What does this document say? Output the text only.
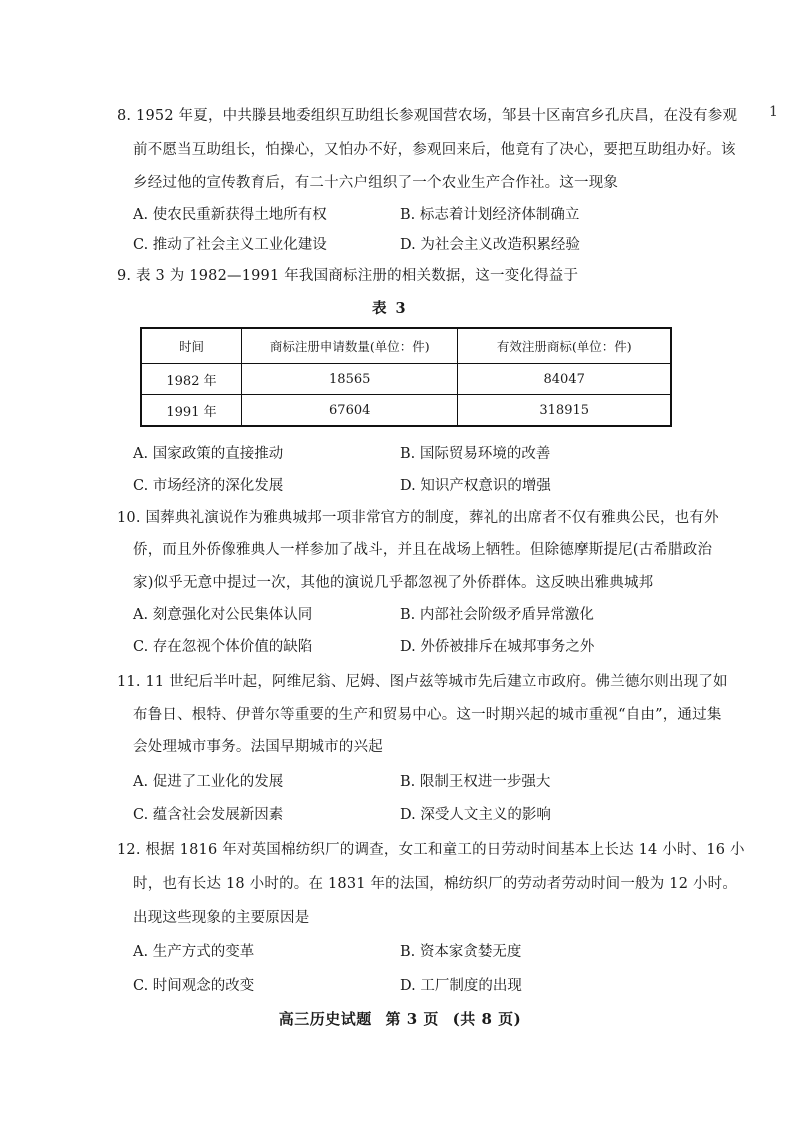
1
8. 1952 年夏，中共滕县地委组织互助组长参观国营农场，邹县十区南宫乡孔庆昌，在没有参观
前不愿当互助组长，怕操心，又怕办不好，参观回来后，他竟有了决心，要把互助组办好。该
乡经过他的宣传教育后，有二十六户组织了一个农业生产合作社。这一现象
A. 使农民重新获得土地所有权	B. 标志着计划经济体制确立
C. 推动了社会主义工业化建设	D. 为社会主义改造积累经验
9. 表 3 为 1982—1991 年我国商标注册的相关数据，这一变化得益于
表 3
时间	商标注册申请数量(单位：件)	有效注册商标(单位：件)
1982 年	18565	84047
1991 年	67604	318915
A. 国家政策的直接推动	B. 国际贸易环境的改善
C. 市场经济的深化发展	D. 知识产权意识的增强
10. 国葬典礼演说作为雅典城邦一项非常官方的制度，葬礼的出席者不仅有雅典公民，也有外
侨，而且外侨像雅典人一样参加了战斗，并且在战场上牺牲。但除德摩斯提尼(古希腊政治
家)似乎无意中提过一次，其他的演说几乎都忽视了外侨群体。这反映出雅典城邦
A. 刻意强化对公民集体认同	B. 内部社会阶级矛盾异常激化
C. 存在忽视个体价值的缺陷	D. 外侨被排斥在城邦事务之外
11. 11 世纪后半叶起，阿维尼翁、尼姆、图卢兹等城市先后建立市政府。佛兰德尔则出现了如
布鲁日、根特、伊普尔等重要的生产和贸易中心。这一时期兴起的城市重视“自由”，通过集
会处理城市事务。法国早期城市的兴起
A. 促进了工业化的发展	B. 限制王权进一步强大
C. 蕴含社会发展新因素	D. 深受人文主义的影响
12. 根据 1816 年对英国棉纺织厂的调查，女工和童工的日劳动时间基本上长达 14 小时、16 小
时，也有长达 18 小时的。在 1831 年的法国，棉纺织厂的劳动者劳动时间一般为 12 小时。
出现这些现象的主要原因是
A. 生产方式的变革	B. 资本家贪婪无度
C. 时间观念的改变	D. 工厂制度的出现
高三历史试题 第 3 页 (共 8 页)
